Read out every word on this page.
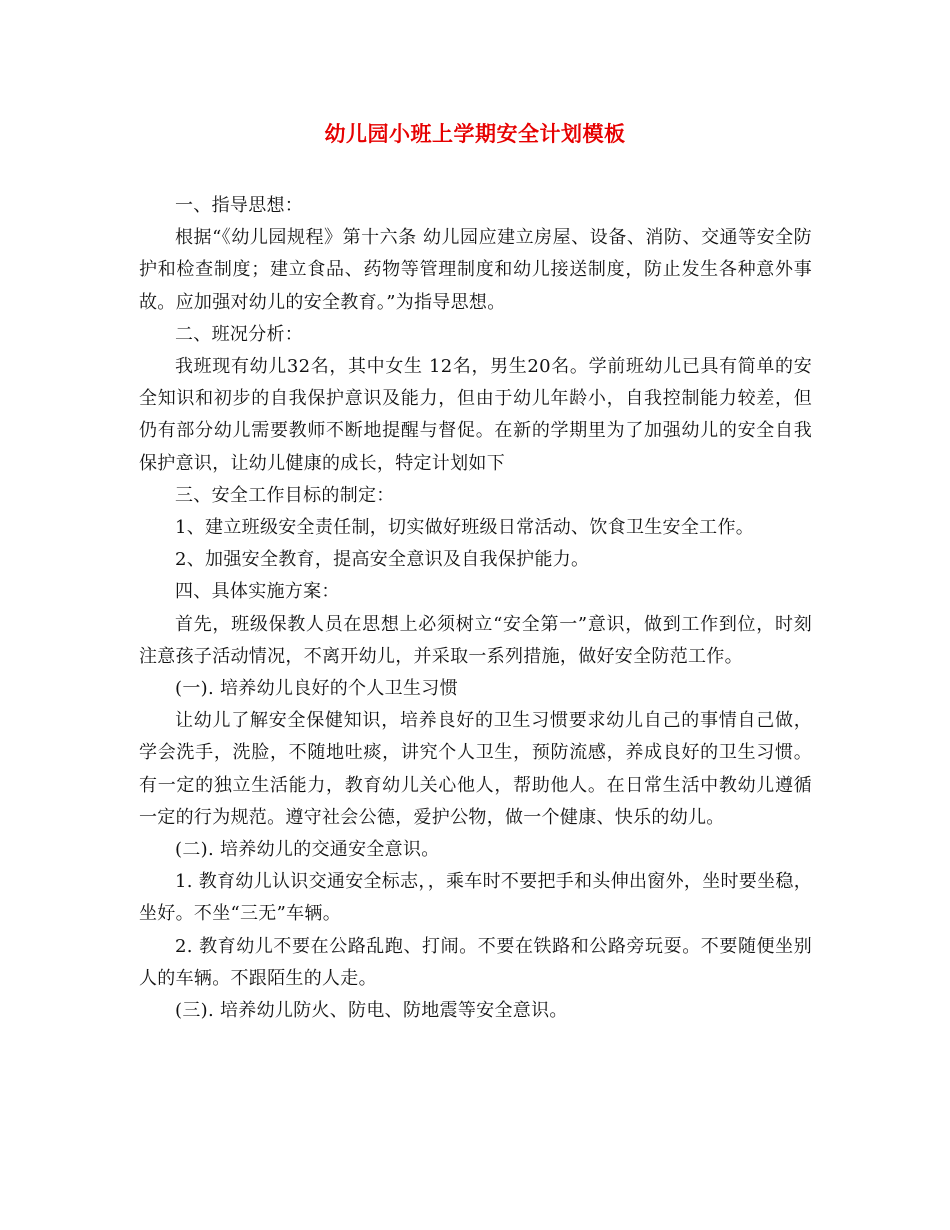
幼儿园小班上学期安全计划模板

一、指导思想：

根据“《幼儿园规程》第十六条 幼儿园应建立房屋、设备、消防、交通等安全防护和检查制度；建立食品、药物等管理制度和幼儿接送制度，防止发生各种意外事故。应加强对幼儿的安全教育。”为指导思想。

二、班况分析：

我班现有幼儿32名，其中女生 12名，男生20名。学前班幼儿已具有简单的安全知识和初步的自我保护意识及能力，但由于幼儿年龄小，自我控制能力较差，但仍有部分幼儿需要教师不断地提醒与督促。在新的学期里为了加强幼儿的安全自我保护意识，让幼儿健康的成长，特定计划如下

三、安全工作目标的制定：

1、建立班级安全责任制，切实做好班级日常活动、饮食卫生安全工作。

2、加强安全教育，提高安全意识及自我保护能力。

四、具体实施方案：

首先，班级保教人员在思想上必须树立“安全第一”意识，做到工作到位，时刻注意孩子活动情况，不离开幼儿，并采取一系列措施，做好安全防范工作。

(一). 培养幼儿良好的个人卫生习惯

让幼儿了解安全保健知识，培养良好的卫生习惯要求幼儿自己的事情自己做，学会洗手，洗脸，不随地吐痰，讲究个人卫生，预防流感，养成良好的卫生习惯。有一定的独立生活能力，教育幼儿关心他人，帮助他人。在日常生活中教幼儿遵循一定的行为规范。遵守社会公德，爱护公物，做一个健康、快乐的幼儿。

(二). 培养幼儿的交通安全意识。

1. 教育幼儿认识交通安全标志，，乘车时不要把手和头伸出窗外，坐时要坐稳，坐好。不坐“三无”车辆。

2. 教育幼儿不要在公路乱跑、打闹。不要在铁路和公路旁玩耍。不要随便坐别人的车辆。不跟陌生的人走。

(三). 培养幼儿防火、防电、防地震等安全意识。
